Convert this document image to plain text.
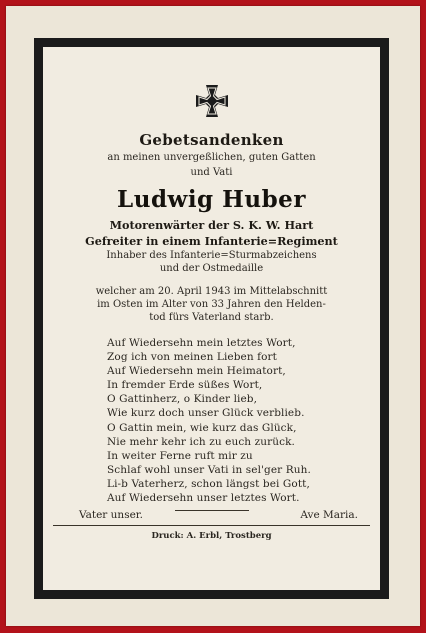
Gebetsandenken
an meinen unvergeßlichen, guten Gatten
und Vati
Ludwig Huber
Motorenwärter der S. K. W. Hart
Gefreiter in einem Infanterie=Regiment
Inhaber des Infanterie=Sturmabzeichens
und der Ostmedaille
welcher am 20. April 1943 im Mittelabschnitt
im Osten im Alter von 33 Jahren den Helden-
tod fürs Vaterland starb.
Auf Wiedersehn mein letztes Wort,
Zog ich von meinen Lieben fort
Auf Wiedersehn mein Heimatort,
In fremder Erde süßes Wort,
O Gattinherz, o Kinder lieb,
Wie kurz doch unser Glück verblieb.
O Gattin mein, wie kurz das Glück,
Nie mehr kehr ich zu euch zurück.
In weiter Ferne ruft mir zu
Schlaf wohl unser Vati in sel'ger Ruh.
Li-b Vaterherz, schon längst bei Gott,
Auf Wiedersehn unser letztes Wort.
Vater unser.	Ave Maria.
Druck: A. Erbl, Trostberg
